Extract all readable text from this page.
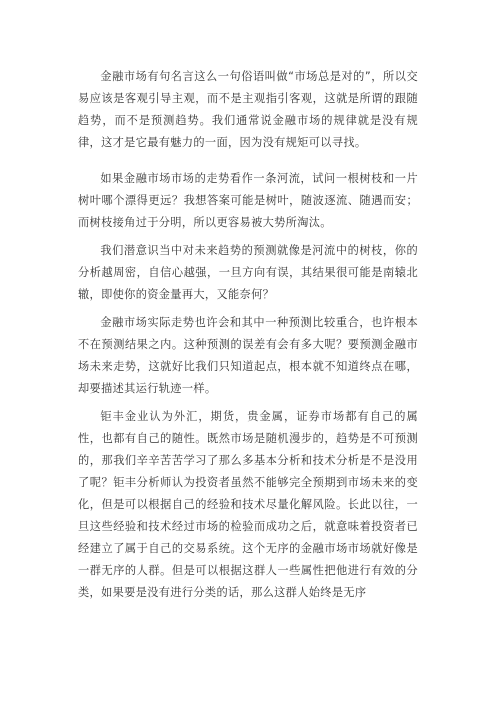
金融市场有句名言这么一句俗语叫做“市场总是对的”，所以交易应该是客观引导主观，而不是主观指引客观，这就是所谓的跟随趋势，而不是预测趋势。我们通常说金融市场的规律就是没有规律，这才是它最有魅力的一面，因为没有规矩可以寻找。

如果金融市场市场的走势看作一条河流，试问一根树枝和一片树叶哪个漂得更远？我想答案可能是树叶，随波逐流、随遇而安；而树枝接角过于分明，所以更容易被大势所淘汰。

我们潜意识当中对未来趋势的预测就像是河流中的树枝，你的分析越周密，自信心越强，一旦方向有误，其结果很可能是南辕北辙，即使你的资金量再大，又能奈何？

金融市场实际走势也许会和其中一种预测比较重合，也许根本不在预测结果之内。这种预测的误差有会有多大呢？要预测金融市场未来走势，这就好比我们只知道起点，根本就不知道终点在哪，却要描述其运行轨迹一样。

钜丰金业认为外汇，期货，贵金属，证券市场都有自己的属性，也都有自己的随性。既然市场是随机漫步的，趋势是不可预测的，那我们辛辛苦苦学习了那么多基本分析和技术分析是不是没用了呢？钜丰分析师认为投资者虽然不能够完全预期到市场未来的变化，但是可以根据自己的经验和技术尽量化解风险。长此以往，一旦这些经验和技术经过市场的检验而成功之后，就意味着投资者已经建立了属于自己的交易系统。这个无序的金融市场市场就好像是一群无序的人群。但是可以根据这群人一些属性把他进行有效的分类，如果要是没有进行分类的话，那么这群人始终是无序
